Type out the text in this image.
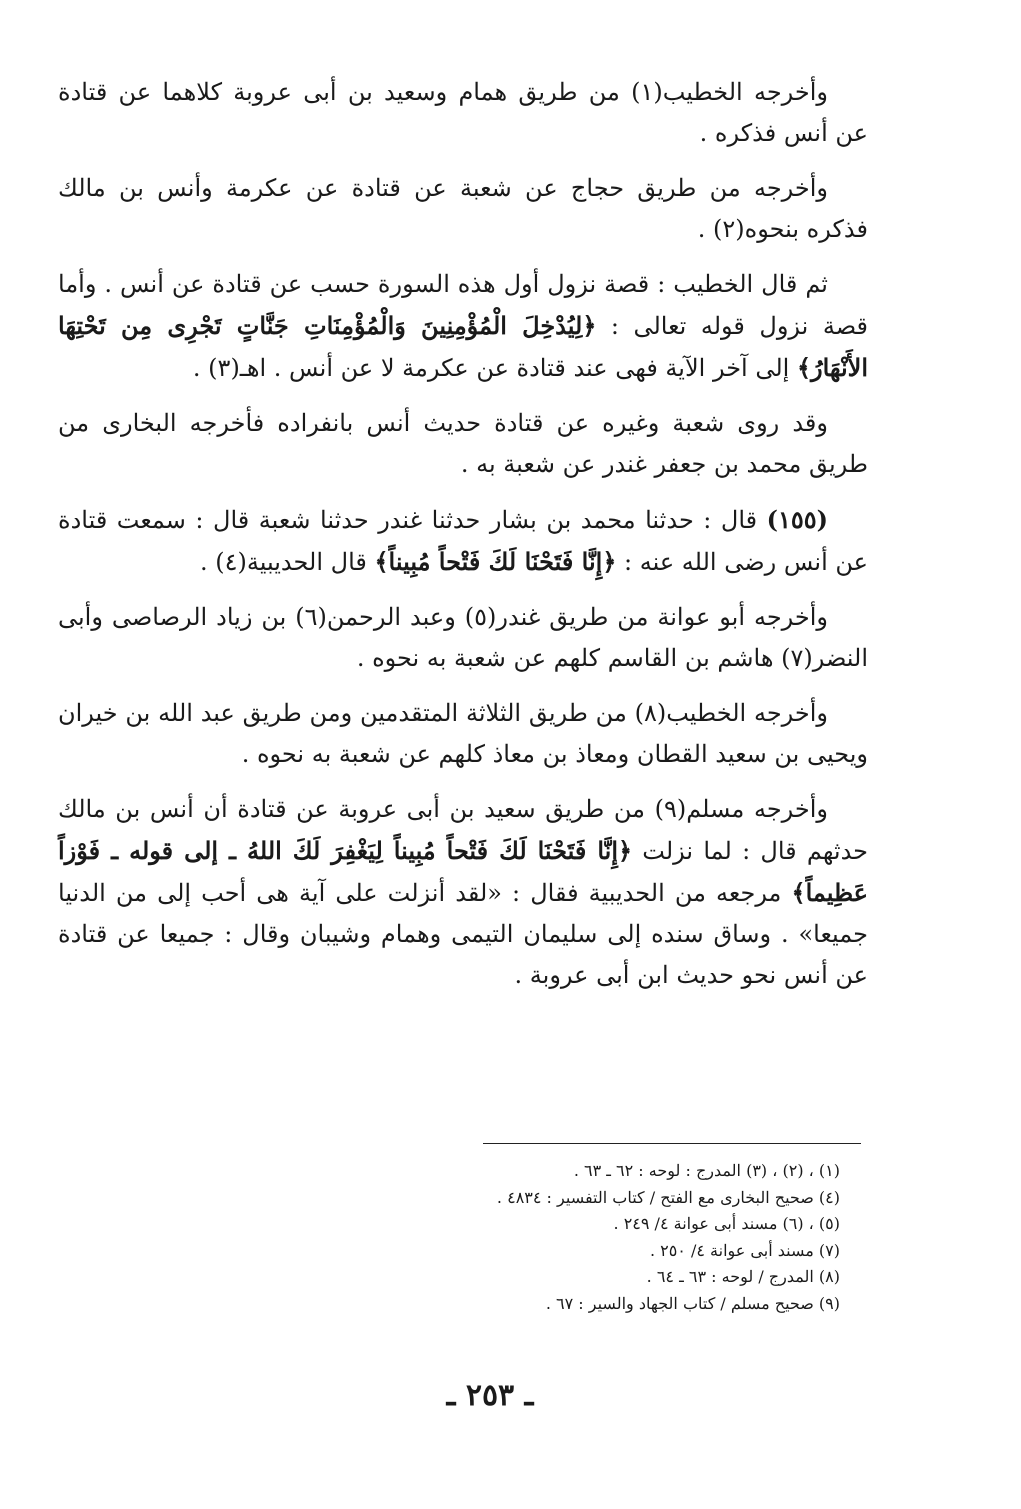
وأخرجه الخطيب(١) من طريق همام وسعيد بن أبى عروبة كلاهما عن قتادة عن أنس فذكره .

وأخرجه من طريق حجاج عن شعبة عن قتادة عن عكرمة وأنس بن مالك فذكره بنحوه(٢) .

ثم قال الخطيب : قصة نزول أول هذه السورة حسب عن قتادة عن أنس . وأما قصة نزول قوله تعالى : ﴿لِيُدْخِلَ الْمُؤْمِنِينَ وَالْمُؤْمِنَاتِ جَنَّاتٍ تَجْرِى مِن تَحْتِهَا الأَنْهَارُ﴾ إلى آخر الآية فهى عند قتادة عن عكرمة لا عن أنس . اهـ(٣) .

وقد روى شعبة وغيره عن قتادة حديث أنس بانفراده فأخرجه البخارى من طريق محمد بن جعفر غندر عن شعبة به .

(١٥٥) قال : حدثنا محمد بن بشار حدثنا غندر حدثنا شعبة قال : سمعت قتادة عن أنس رضى الله عنه : ﴿إِنَّا فَتَحْنَا لَكَ فَتْحاً مُبِيناً﴾ قال الحديبية(٤) .

وأخرجه أبو عوانة من طريق غندر(٥) وعبد الرحمن(٦) بن زياد الرصاصى وأبى النضر(٧) هاشم بن القاسم كلهم عن شعبة به نحوه .

وأخرجه الخطيب(٨) من طريق الثلاثة المتقدمين ومن طريق عبد الله بن خيران ويحيى بن سعيد القطان ومعاذ بن معاذ كلهم عن شعبة به نحوه .

وأخرجه مسلم(٩) من طريق سعيد بن أبى عروبة عن قتادة أن أنس بن مالك حدثهم قال : لما نزلت ﴿إِنَّا فَتَحْنَا لَكَ فَتْحاً مُبِيناً لِيَغْفِرَ لَكَ اللهُ ـ إلى قوله ـ فَوْزاً عَظِيماً﴾ مرجعه من الحديبية فقال : «لقد أنزلت على آية هى أحب إلى من الدنيا جميعا» . وساق سنده إلى سليمان التيمى وهمام وشيبان وقال : جميعا عن قتادة عن أنس نحو حديث ابن أبى عروبة .

(١) ، (٢) ، (٣) المدرج : لوحه : ٦٢ ـ ٦٣ .
(٤) صحيح البخارى مع الفتح / كتاب التفسير : ٤٨٣٤ .
(٥) ، (٦) مسند أبى عوانة ٤/ ٢٤٩ .
(٧) مسند أبى عوانة ٤/ ٢٥٠ .
(٨) المدرج / لوحه : ٦٣ ـ ٦٤ .
(٩) صحيح مسلم / كتاب الجهاد والسير : ٦٧ .
ـ ٢٥٣ ـ
